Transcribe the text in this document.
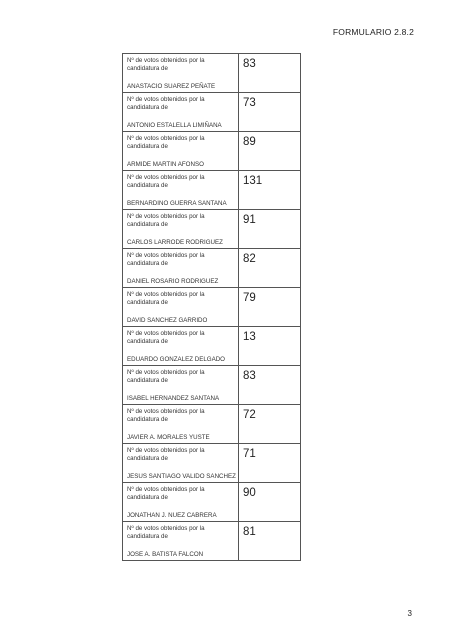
FORMULARIO 2.8.2
Nº de votos obtenidos por la candidatura de
ANASTACIO SUAREZ PEÑATE	83

Nº de votos obtenidos por la candidatura de
ANTONIO ESTALELLA LIMIÑANA	73

Nº de votos obtenidos por la candidatura de
ARMIDE MARTIN AFONSO	89

Nº de votos obtenidos por la candidatura de
BERNARDINO GUERRA SANTANA	131

Nº de votos obtenidos por la candidatura de
CARLOS LARRODE RODRIGUEZ	91

Nº de votos obtenidos por la candidatura de
DANIEL ROSARIO RODRIGUEZ	82

Nº de votos obtenidos por la candidatura de
DAVID SANCHEZ GARRIDO	79

Nº de votos obtenidos por la candidatura de
EDUARDO GONZALEZ DELGADO	13

Nº de votos obtenidos por la candidatura de
ISABEL HERNANDEZ SANTANA	83

Nº de votos obtenidos por la candidatura de
JAVIER A. MORALES YUSTE	72

Nº de votos obtenidos por la candidatura de
JESUS SANTIAGO VALIDO SANCHEZ	71

Nº de votos obtenidos por la candidatura de
JONATHAN J. NUEZ CABRERA	90

Nº de votos obtenidos por la candidatura de
JOSE A. BATISTA FALCON	81
3
